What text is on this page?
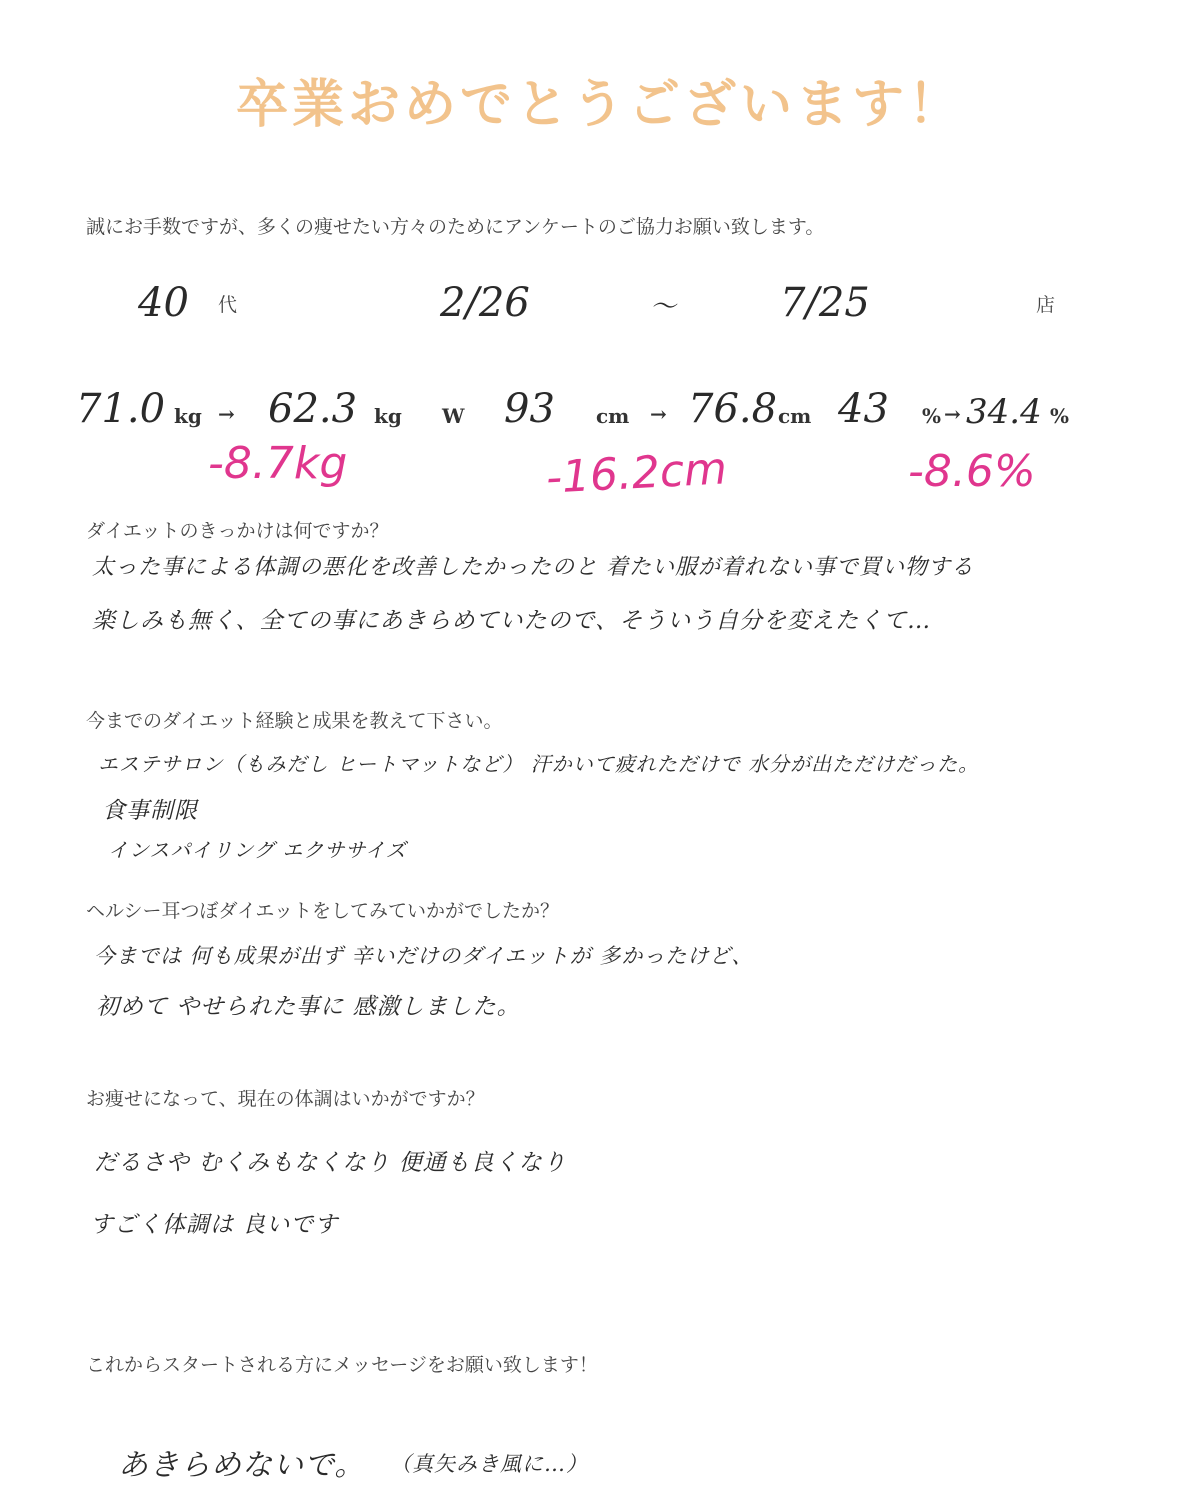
卒業おめでとうございます！
誠にお手数ですが、多くの痩せたい方々のためにアンケートのご協力お願い致します。
40 代	2/26	～	7/25	店
71.0 kg → 62.3 kg W 93 cm → 76.8 cm 43 % → 34.4 %
-8.7kg	-16.2cm	-8.6%
ダイエットのきっかけは何ですか？
太った事による体調の悪化を改善したかったのと 着たい服が着れない事で買い物する
楽しみも無く、全ての事にあきらめていたので、そういう自分を変えたくて…
今までのダイエット経験と成果を教えて下さい。
エステサロン（もみだし ヒートマットなど） 汗かいて疲れただけで 水分が出ただけだった。
食事制限
インスパイリング エクササイズ
ヘルシー耳つぼダイエットをしてみていかがでしたか？
今までは 何も成果が出ず 辛いだけのダイエットが 多かったけど、
初めて やせられた事に 感激しました。
お痩せになって、現在の体調はいかがですか？
だるさや むくみもなくなり 便通も良くなり
すごく体調は 良いです
これからスタートされる方にメッセージをお願い致します！
あきらめないで。 （真矢みき風に…）
